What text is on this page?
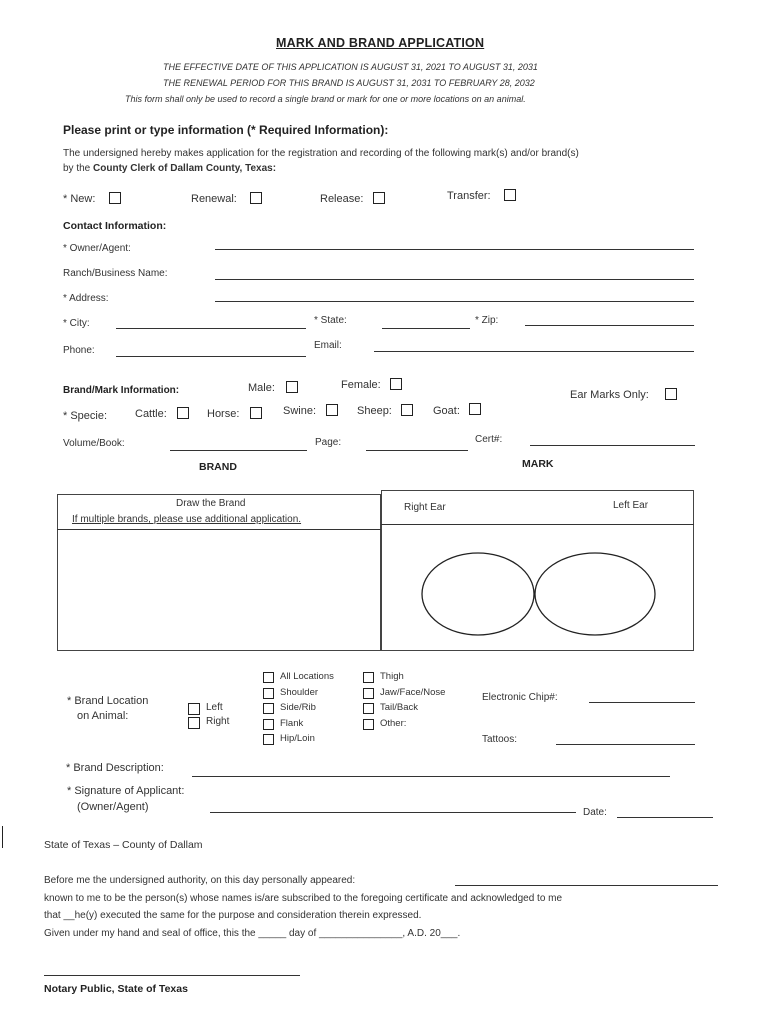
MARK AND BRAND APPLICATION
THE EFFECTIVE DATE OF THIS APPLICATION IS AUGUST 31, 2021 TO AUGUST 31, 2031
THE RENEWAL PERIOD FOR THIS BRAND IS AUGUST 31, 2031 TO FEBRUARY 28, 2032
This form shall only be used to record a single brand or mark for one or more locations on an animal.
Please print or type information (* Required Information):
The undersigned hereby makes application for the registration and recording of the following mark(s) and/or brand(s)
by the County Clerk of Dallam County, Texas:
* New:	Renewal:	Release:	Transfer:
Contact Information:
* Owner/Agent:
Ranch/Business Name:
* Address:
* City:	* State:	* Zip:
Phone:	Email:
Brand/Mark Information:	Male:	Female:
Ear Marks Only:
* Specie:	Cattle:	Horse:	Swine:	Sheep:	Goat:
Volume/Book:	Page:	Cert#:
BRAND	MARK
Draw the Brand
If multiple brands, please use additional application.
Right Ear	Left Ear
* Brand Location
on Animal:
Left
Right
All Locations
Shoulder
Side/Rib
Flank
Hip/Loin
Thigh
Jaw/Face/Nose
Tail/Back
Other:
Electronic Chip#:
Tattoos:
* Brand Description:
* Signature of Applicant:
(Owner/Agent)	Date:
State of Texas – County of Dallam
Before me the undersigned authority, on this day personally appeared:
known to me to be the person(s) whose names is/are subscribed to the foregoing certificate and acknowledged to me
that __he(y) executed the same for the purpose and consideration therein expressed.
Given under my hand and seal of office, this the _____ day of _______________, A.D. 20___.
Notary Public, State of Texas
